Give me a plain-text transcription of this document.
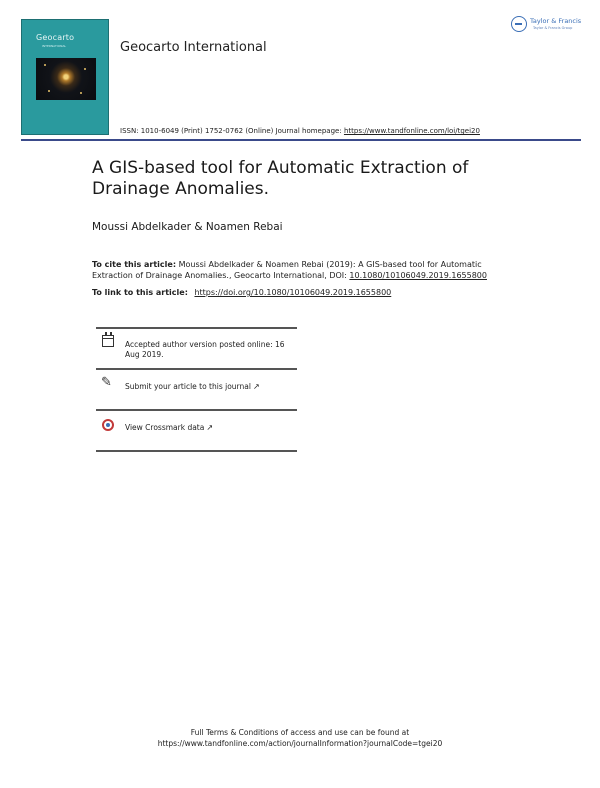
Geocarto
INTERNATIONAL	Geocarto International
Taylor & Francis
Taylor & Francis Group
ISSN: 1010-6049 (Print) 1752-0762 (Online) Journal homepage: https://www.tandfonline.com/loi/tgei20
A GIS-based tool for Automatic Extraction of Drainage Anomalies.
Moussi Abdelkader & Noamen Rebai
To cite this article: Moussi Abdelkader & Noamen Rebai (2019): A GIS-based tool for Automatic Extraction of Drainage Anomalies., Geocarto International, DOI: 10.1080/10106049.2019.1655800
To link to this article: https://doi.org/10.1080/10106049.2019.1655800
Accepted author version posted online: 16 Aug 2019.
✎	Submit your article to this journal ↗
View Crossmark data ↗
Full Terms & Conditions of access and use can be found at
https://www.tandfonline.com/action/journalInformation?journalCode=tgei20
